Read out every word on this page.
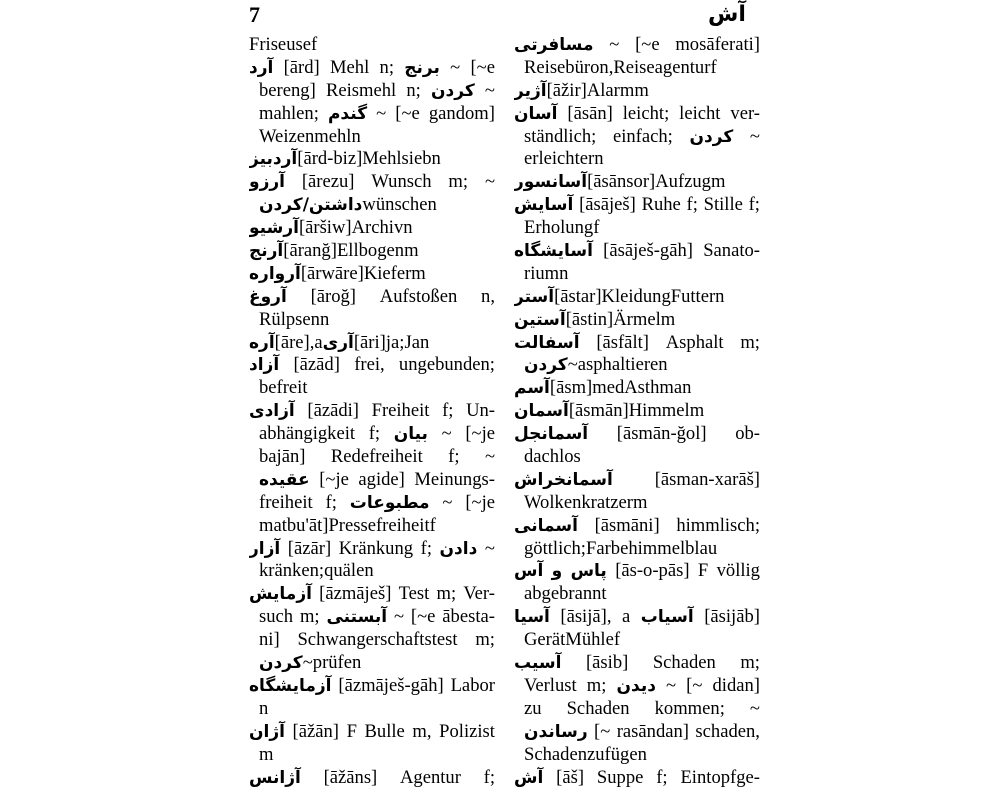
7	آش
Friseuse f
آرد [ārd] Mehl n; برنج ~ [~e
bereng] Reismehl n; کردن ~
mahlen; گندم ~ [~e gandom]
Weizenmehl n
آردبیز [ārd-biz] Mehlsieb n
آرزو [ārezu] Wunsch m; ~
داشتن/کردن wünschen
آرشیو [āršiw] Archiv n
آرنج [āranğ] Ellbogen m
آرواره [ārwāre] Kiefer m
آروغ [āroğ] Aufstoßen n,
Rülpsen n
آره [āre], a آری [āri] ja; Ja n
آزاد [āzād] frei, ungebunden;
befreit
آزادی [āzādi] Freiheit f; Un-
abhängigkeit f; بیان ~ [~je
bajān] Redefreiheit f; ~
عقیده [~je agide] Meinungs-
freiheit f; مطبوعات ~ [~je
matbu'āt] Pressefreiheit f
آزار [āzār] Kränkung f; دادن ~
kränken; quälen
آزمایش [āzmāješ] Test m; Ver-
such m; آبستنی ~ [~e ābesta-
ni] Schwangerschaftstest m;
کردن ~ prüfen
آزمایشگاه [āzmāješ-gāh] Labor
n
آژان [āžān] F Bulle m, Polizist
m
آژانس [āžāns] Agentur f;
مسافرتی ~ [~e mosāferati]
Reisebüro n, Reiseagentur f
آژیر [āžir] Alarm m
آسان [āsān] leicht; leicht ver-
ständlich; einfach; کردن ~
erleichtern
آسانسور [āsānsor] Aufzug m
آسایش [āsāješ] Ruhe f; Stille f;
Erholung f
آسایشگاه [āsāješ-gāh] Sanato-
rium n
آستر [āstar] Kleidung Futter n
آستین [āstin] Ärmel m
آسفالت [āsfālt] Asphalt m;
کردن ~ asphaltieren
آسم [āsm] med Asthma n
آسمان [āsmān] Himmel m
آسمانجل [āsmān-ğol] ob-
dachlos
آسمانخراش [āsman-xarāš]
Wolkenkratzer m
آسمانی [āsmāni] himmlisch;
göttlich; Farbe himmelblau
آس و پاس [ās-o-pās] F völlig
abgebrannt
آسیا [āsijā], a آسیاب [āsijāb]
Gerät Mühle f
آسیب [āsib] Schaden m;
Verlust m; دیدن ~ [~ didan]
zu Schaden kommen; ~
رساندن [~ rasāndan] schaden,
Schaden zufügen
آش [āš] Suppe f; Eintopfge-
